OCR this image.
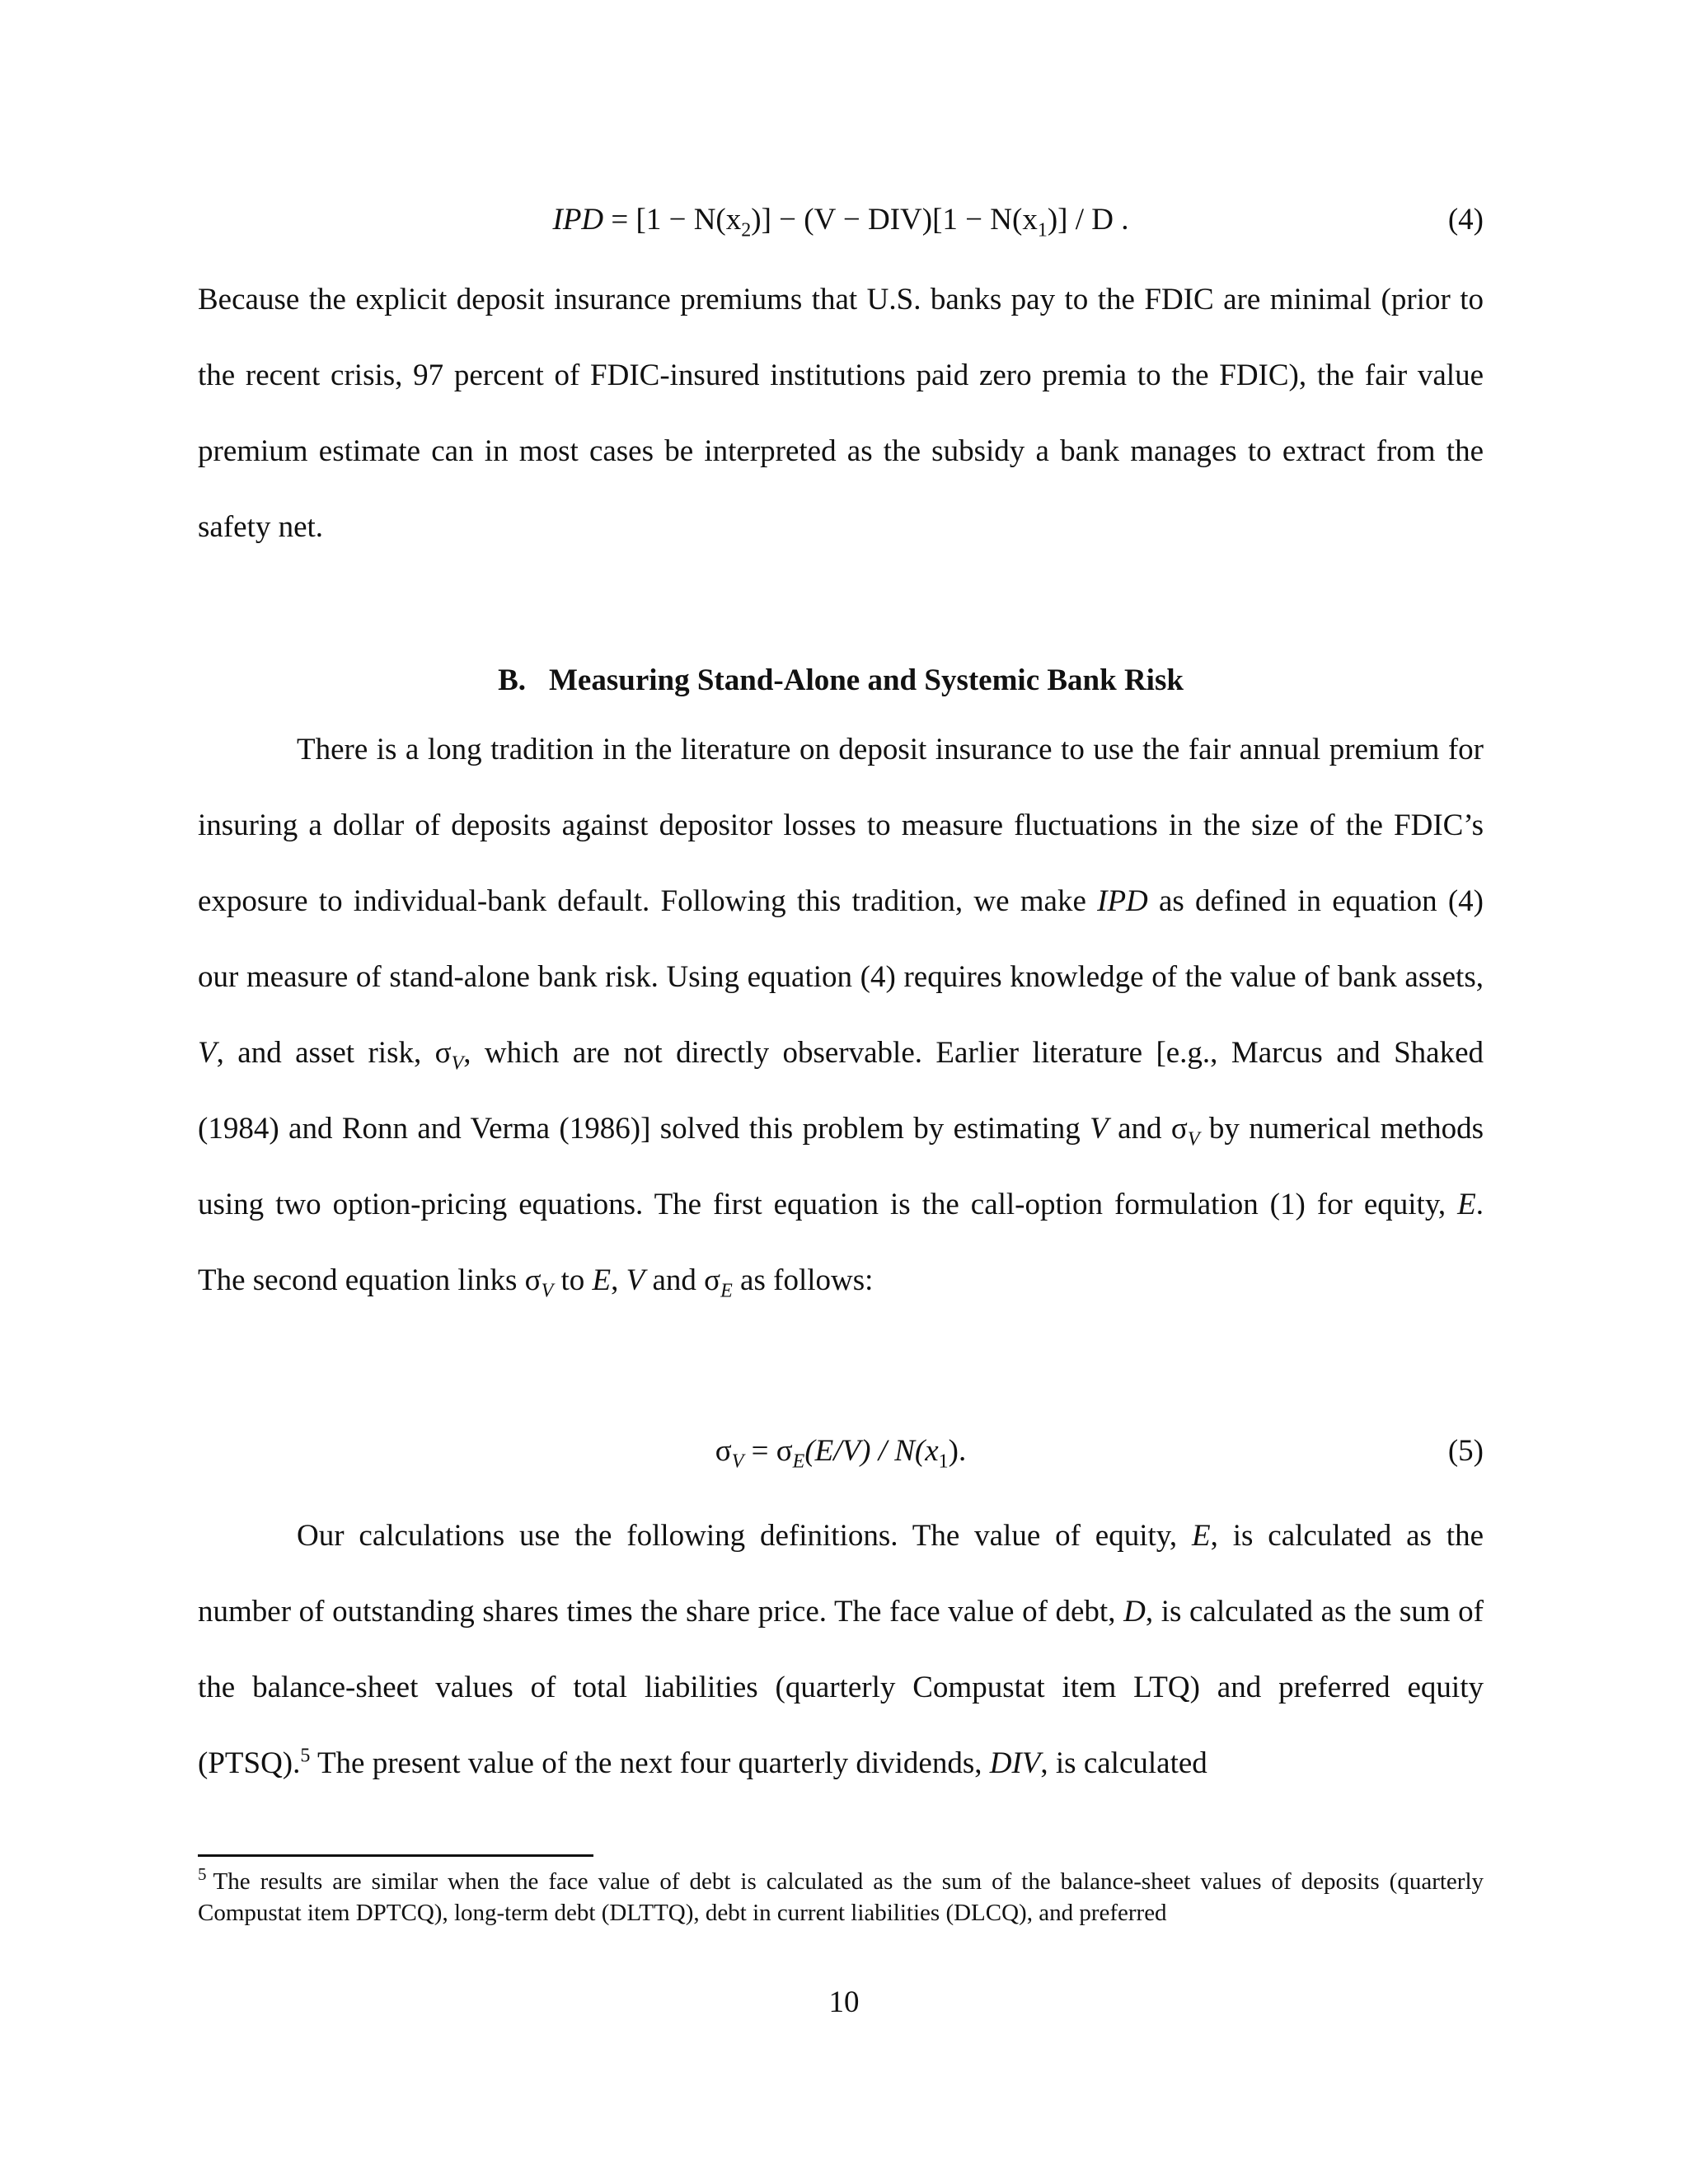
IPD = $[1 - N(x_2)] - (V - DIV)[1 - N(x_1)] / D$ .	(4)

Because the explicit deposit insurance premiums that U.S. banks pay to the FDIC are minimal (prior to the recent crisis, 97 percent of FDIC-insured institutions paid zero premia to the FDIC), the fair value premium estimate can in most cases be interpreted as the subsidy a bank manages to extract from the safety net.

B. Measuring Stand-Alone and Systemic Bank Risk

There is a long tradition in the literature on deposit insurance to use the fair annual premium for insuring a dollar of deposits against depositor losses to measure fluctuations in the size of the FDIC’s exposure to individual-bank default. Following this tradition, we make IPD as defined in equation (4) our measure of stand-alone bank risk. Using equation (4) requires knowledge of the value of bank assets, V, and asset risk, $\sigma_V$, which are not directly observable. Earlier literature [e.g., Marcus and Shaked (1984) and Ronn and Verma (1986)] solved this problem by estimating V and $\sigma_V$ by numerical methods using two option-pricing equations. The first equation is the call-option formulation (1) for equity, E. The second equation links $\sigma_V$ to E, V and $\sigma_E$ as follows:

$\sigma_V = \sigma_E(E/V) / N(x_1)$.	(5)

Our calculations use the following definitions. The value of equity, E, is calculated as the number of outstanding shares times the share price. The face value of debt, D, is calculated as the sum of the balance-sheet values of total liabilities (quarterly Compustat item LTQ) and preferred equity (PTSQ).$^5$ The present value of the next four quarterly dividends, DIV, is calculated

$^5$ The results are similar when the face value of debt is calculated as the sum of the balance-sheet values of deposits (quarterly Compustat item DPTCQ), long-term debt (DLTTQ), debt in current liabilities (DLCQ), and preferred

10
